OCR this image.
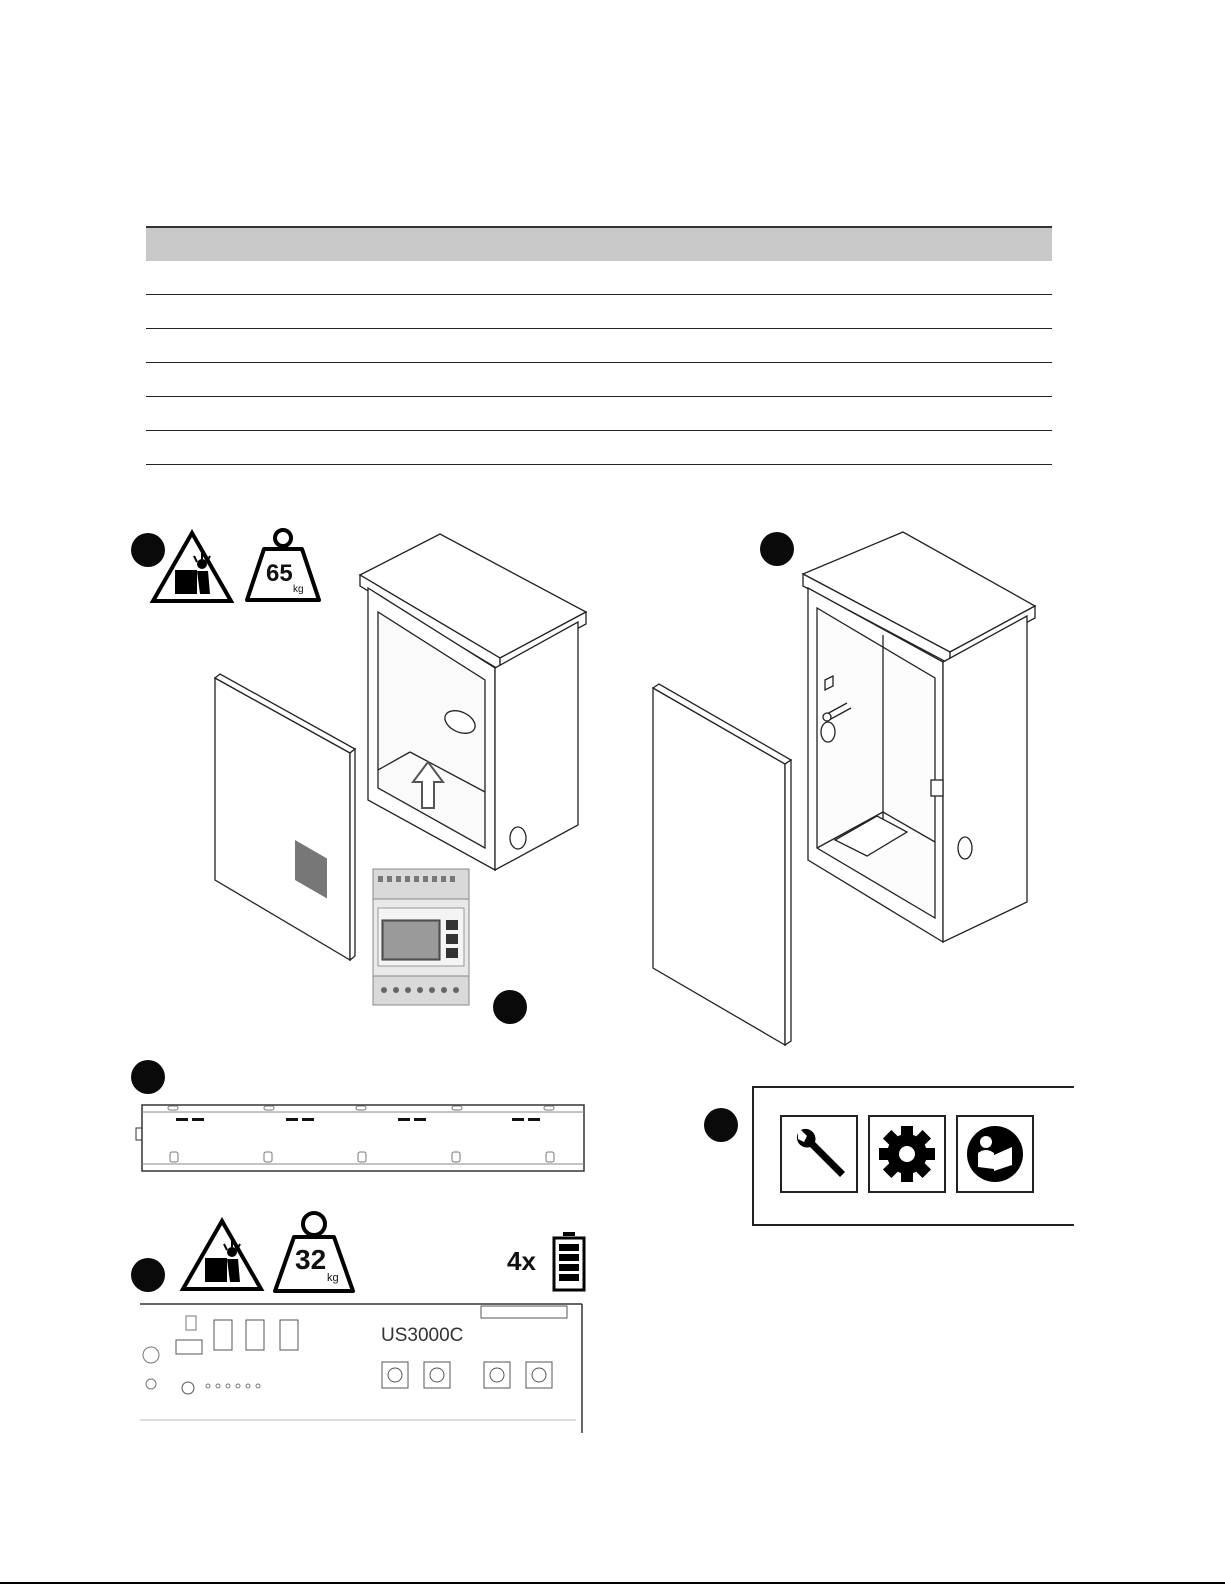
65
kg
32
kg
4x
US3000C
